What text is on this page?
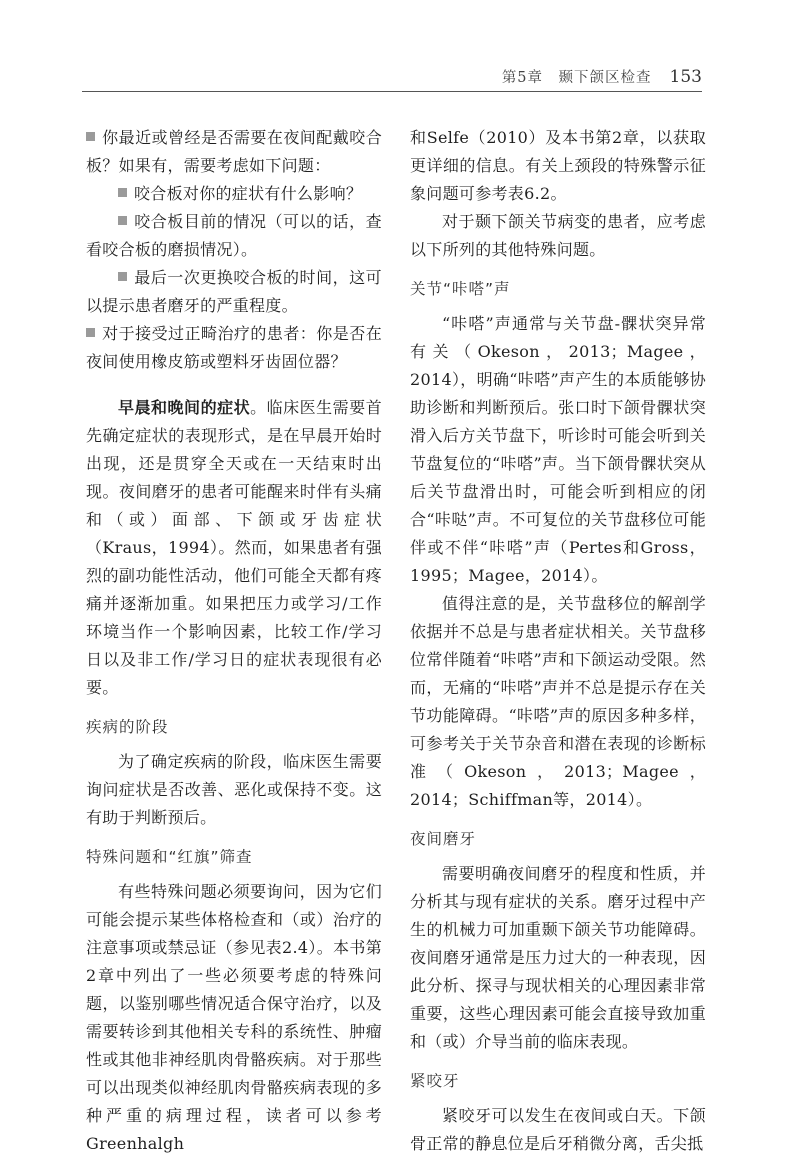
第5章　颞下颌区检查 153

你最近或曾经是否需要在夜间配戴咬合板？如果有，需要考虑如下问题：

咬合板对你的症状有什么影响？

咬合板目前的情况（可以的话，查看咬合板的磨损情况）。

最后一次更换咬合板的时间，这可以提示患者磨牙的严重程度。

对于接受过正畸治疗的患者：你是否在夜间使用橡皮筋或塑料牙齿固位器？

早晨和晚间的症状。临床医生需要首先确定症状的表现形式，是在早晨开始时出现，还是贯穿全天或在一天结束时出现。夜间磨牙的患者可能醒来时伴有头痛和（或）面部、下颌或牙齿症状（Kraus，1994）。然而，如果患者有强烈的副功能性活动，他们可能全天都有疼痛并逐渐加重。如果把压力或学习/工作环境当作一个影响因素，比较工作/学习日以及非工作/学习日的症状表现很有必要。

疾病的阶段

为了确定疾病的阶段，临床医生需要询问症状是否改善、恶化或保持不变。这有助于判断预后。

特殊问题和“红旗”筛查

有些特殊问题必须要询问，因为它们可能会提示某些体格检查和（或）治疗的注意事项或禁忌证（参见表2.4）。本书第2章中列出了一些必须要考虑的特殊问题，以鉴别哪些情况适合保守治疗，以及需要转诊到其他相关专科的系统性、肿瘤性或其他非神经肌肉骨骼疾病。对于那些可以出现类似神经肌肉骨骼疾病表现的多种严重的病理过程，读者可以参考Greenhalgh

和Selfe（2010）及本书第2章，以获取更详细的信息。有关上颈段的特殊警示征象问题可参考表6.2。

对于颞下颌关节病变的患者，应考虑以下所列的其他特殊问题。

关节“咔嗒”声

“咔嗒”声通常与关节盘-髁状突异常有关（Okeson，2013；Magee，2014），明确“咔嗒”声产生的本质能够协助诊断和判断预后。张口时下颌骨髁状突滑入后方关节盘下，听诊时可能会听到关节盘复位的“咔嗒”声。当下颌骨髁状突从后关节盘滑出时，可能会听到相应的闭合“咔哒”声。不可复位的关节盘移位可能伴或不伴“咔嗒”声（Pertes和Gross，1995；Magee，2014）。

值得注意的是，关节盘移位的解剖学依据并不总是与患者症状相关。关节盘移位常伴随着“咔嗒”声和下颌运动受限。然而，无痛的“咔嗒”声并不总是提示存在关节功能障碍。“咔嗒”声的原因多种多样，可参考关于关节杂音和潜在表现的诊断标准（Okeson，2013；Magee，2014；Schiffman等，2014）。

夜间磨牙

需要明确夜间磨牙的程度和性质，并分析其与现有症状的关系。磨牙过程中产生的机械力可加重颞下颌关节功能障碍。夜间磨牙通常是压力过大的一种表现，因此分析、探寻与现状相关的心理因素非常重要，这些心理因素可能会直接导致加重和（或）介导当前的临床表现。

紧咬牙

紧咬牙可以发生在夜间或白天。下颌骨正常的静息位是后牙稍微分离，舌尖抵
